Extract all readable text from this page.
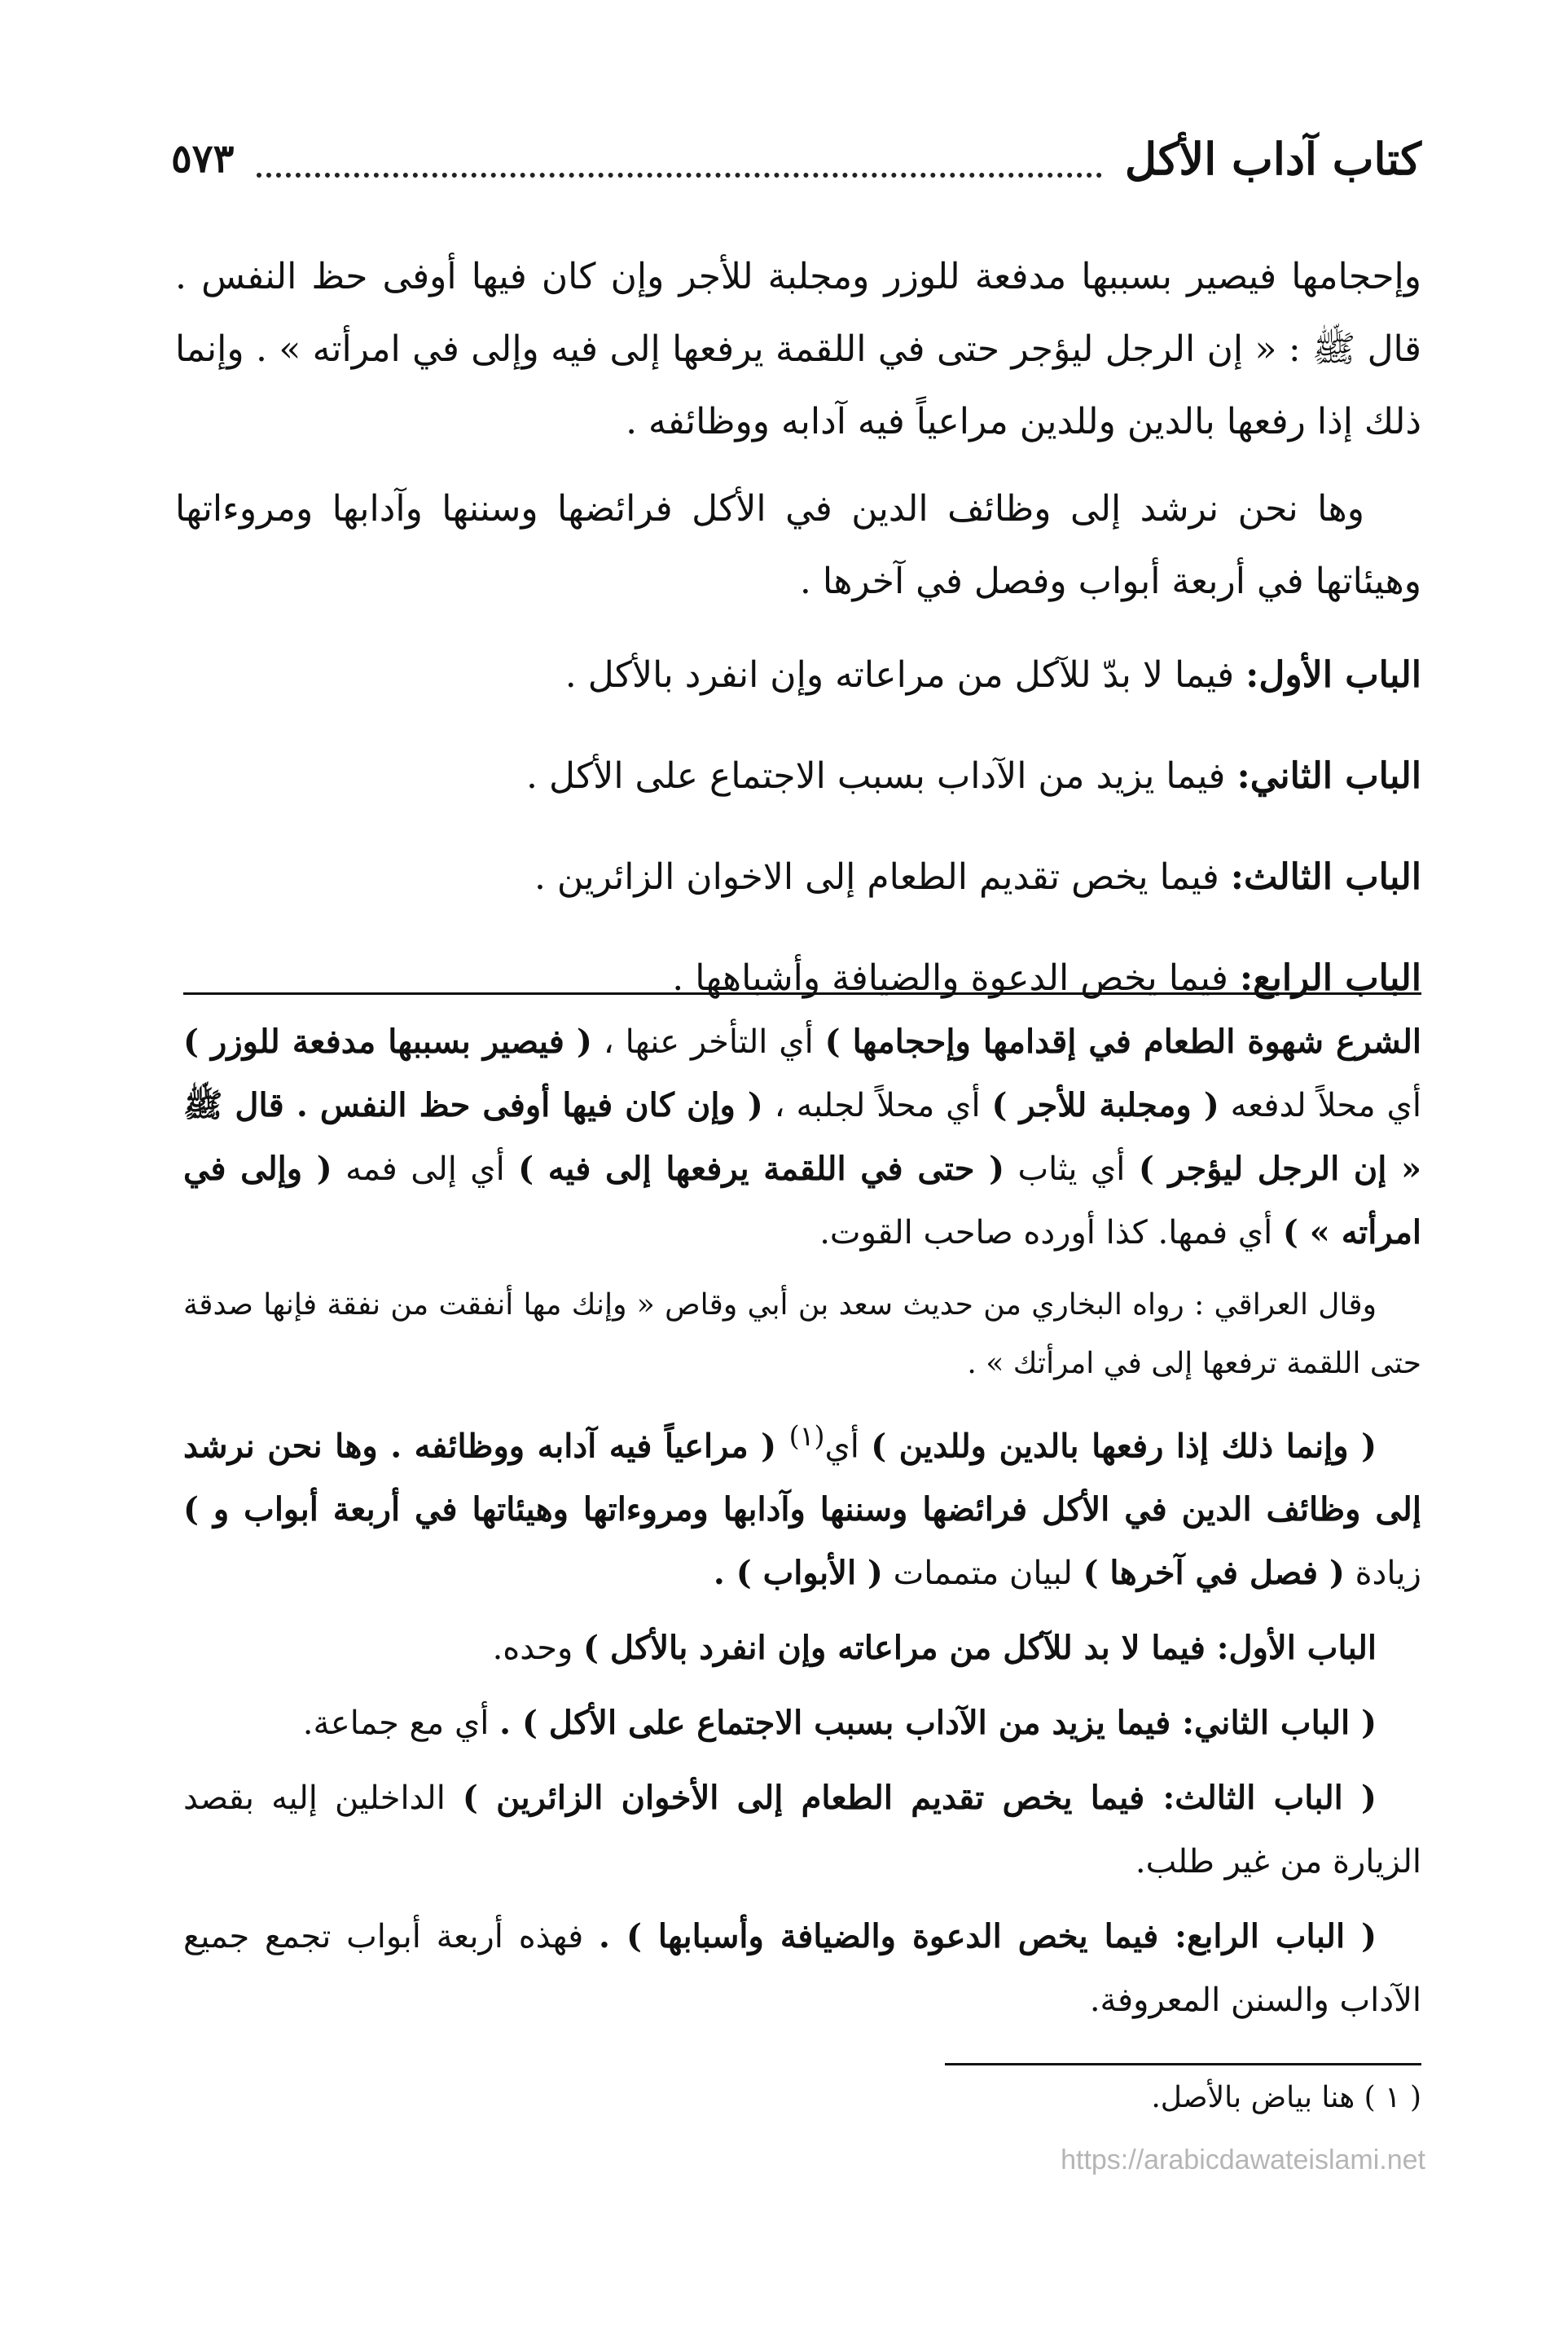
كتاب آداب الأكل
٥٧٣

وإحجامها فيصير بسببها مدفعة للوزر ومجلبة للأجر وإن كان فيها أوفى حظ النفس . قال ﷺ : « إن الرجل ليؤجر حتى في اللقمة يرفعها إلى فيه وإلى في امرأته » . وإنما ذلك إذا رفعها بالدين وللدين مراعياً فيه آدابه ووظائفه .

وها نحن نرشد إلى وظائف الدين في الأكل فرائضها وسننها وآدابها ومروءاتها وهيئاتها في أربعة أبواب وفصل في آخرها .

الباب الأول: فيما لا بدّ للآكل من مراعاته وإن انفرد بالأكل .
الباب الثاني: فيما يزيد من الآداب بسبب الاجتماع على الأكل .
الباب الثالث: فيما يخص تقديم الطعام إلى الاخوان الزائرين .
الباب الرابع: فيما يخص الدعوة والضيافة وأشباهها .

الشرع شهوة الطعام في إقدامها وإحجامها ) أي التأخر عنها ، ( فيصير بسببها مدفعة للوزر ) أي محلاً لدفعه ( ومجلبة للأجر ) أي محلاً لجلبه ، ( وإن كان فيها أوفى حظ النفس . قال ﷺ « إن الرجل ليؤجر ) أي يثاب ( حتى في اللقمة يرفعها إلى فيه ) أي إلى فمه ( وإلى في امرأته » ) أي فمها. كذا أورده صاحب القوت.

وقال العراقي : رواه البخاري من حديث سعد بن أبي وقاص « وإنك مها أنفقت من نفقة فإنها صدقة حتى اللقمة ترفعها إلى في امرأتك » .

( وإنما ذلك إذا رفعها بالدين وللدين ) أي$^{(١)}$ ( مراعياً فيه آدابه ووظائفه . وها نحن نرشد إلى وظائف الدين في الأكل فرائضها وسننها وآدابها ومروءاتها وهيئاتها في أربعة أبواب و ) زيادة ( فصل في آخرها ) لبيان متممات ( الأبواب ) .

الباب الأول: فيما لا بد للآكل من مراعاته وإن انفرد بالأكل ) وحده.

( الباب الثاني: فيما يزيد من الآداب بسبب الاجتماع على الأكل ) . أي مع جماعة.

( الباب الثالث: فيما يخص تقديم الطعام إلى الأخوان الزائرين ) الداخلين إليه بقصد الزيارة من غير طلب.

( الباب الرابع: فيما يخص الدعوة والضيافة وأسبابها ) . فهذه أربعة أبواب تجمع جميع الآداب والسنن المعروفة.

( ١ ) هنا بياض بالأصل.
https://arabicdawateislami.net
